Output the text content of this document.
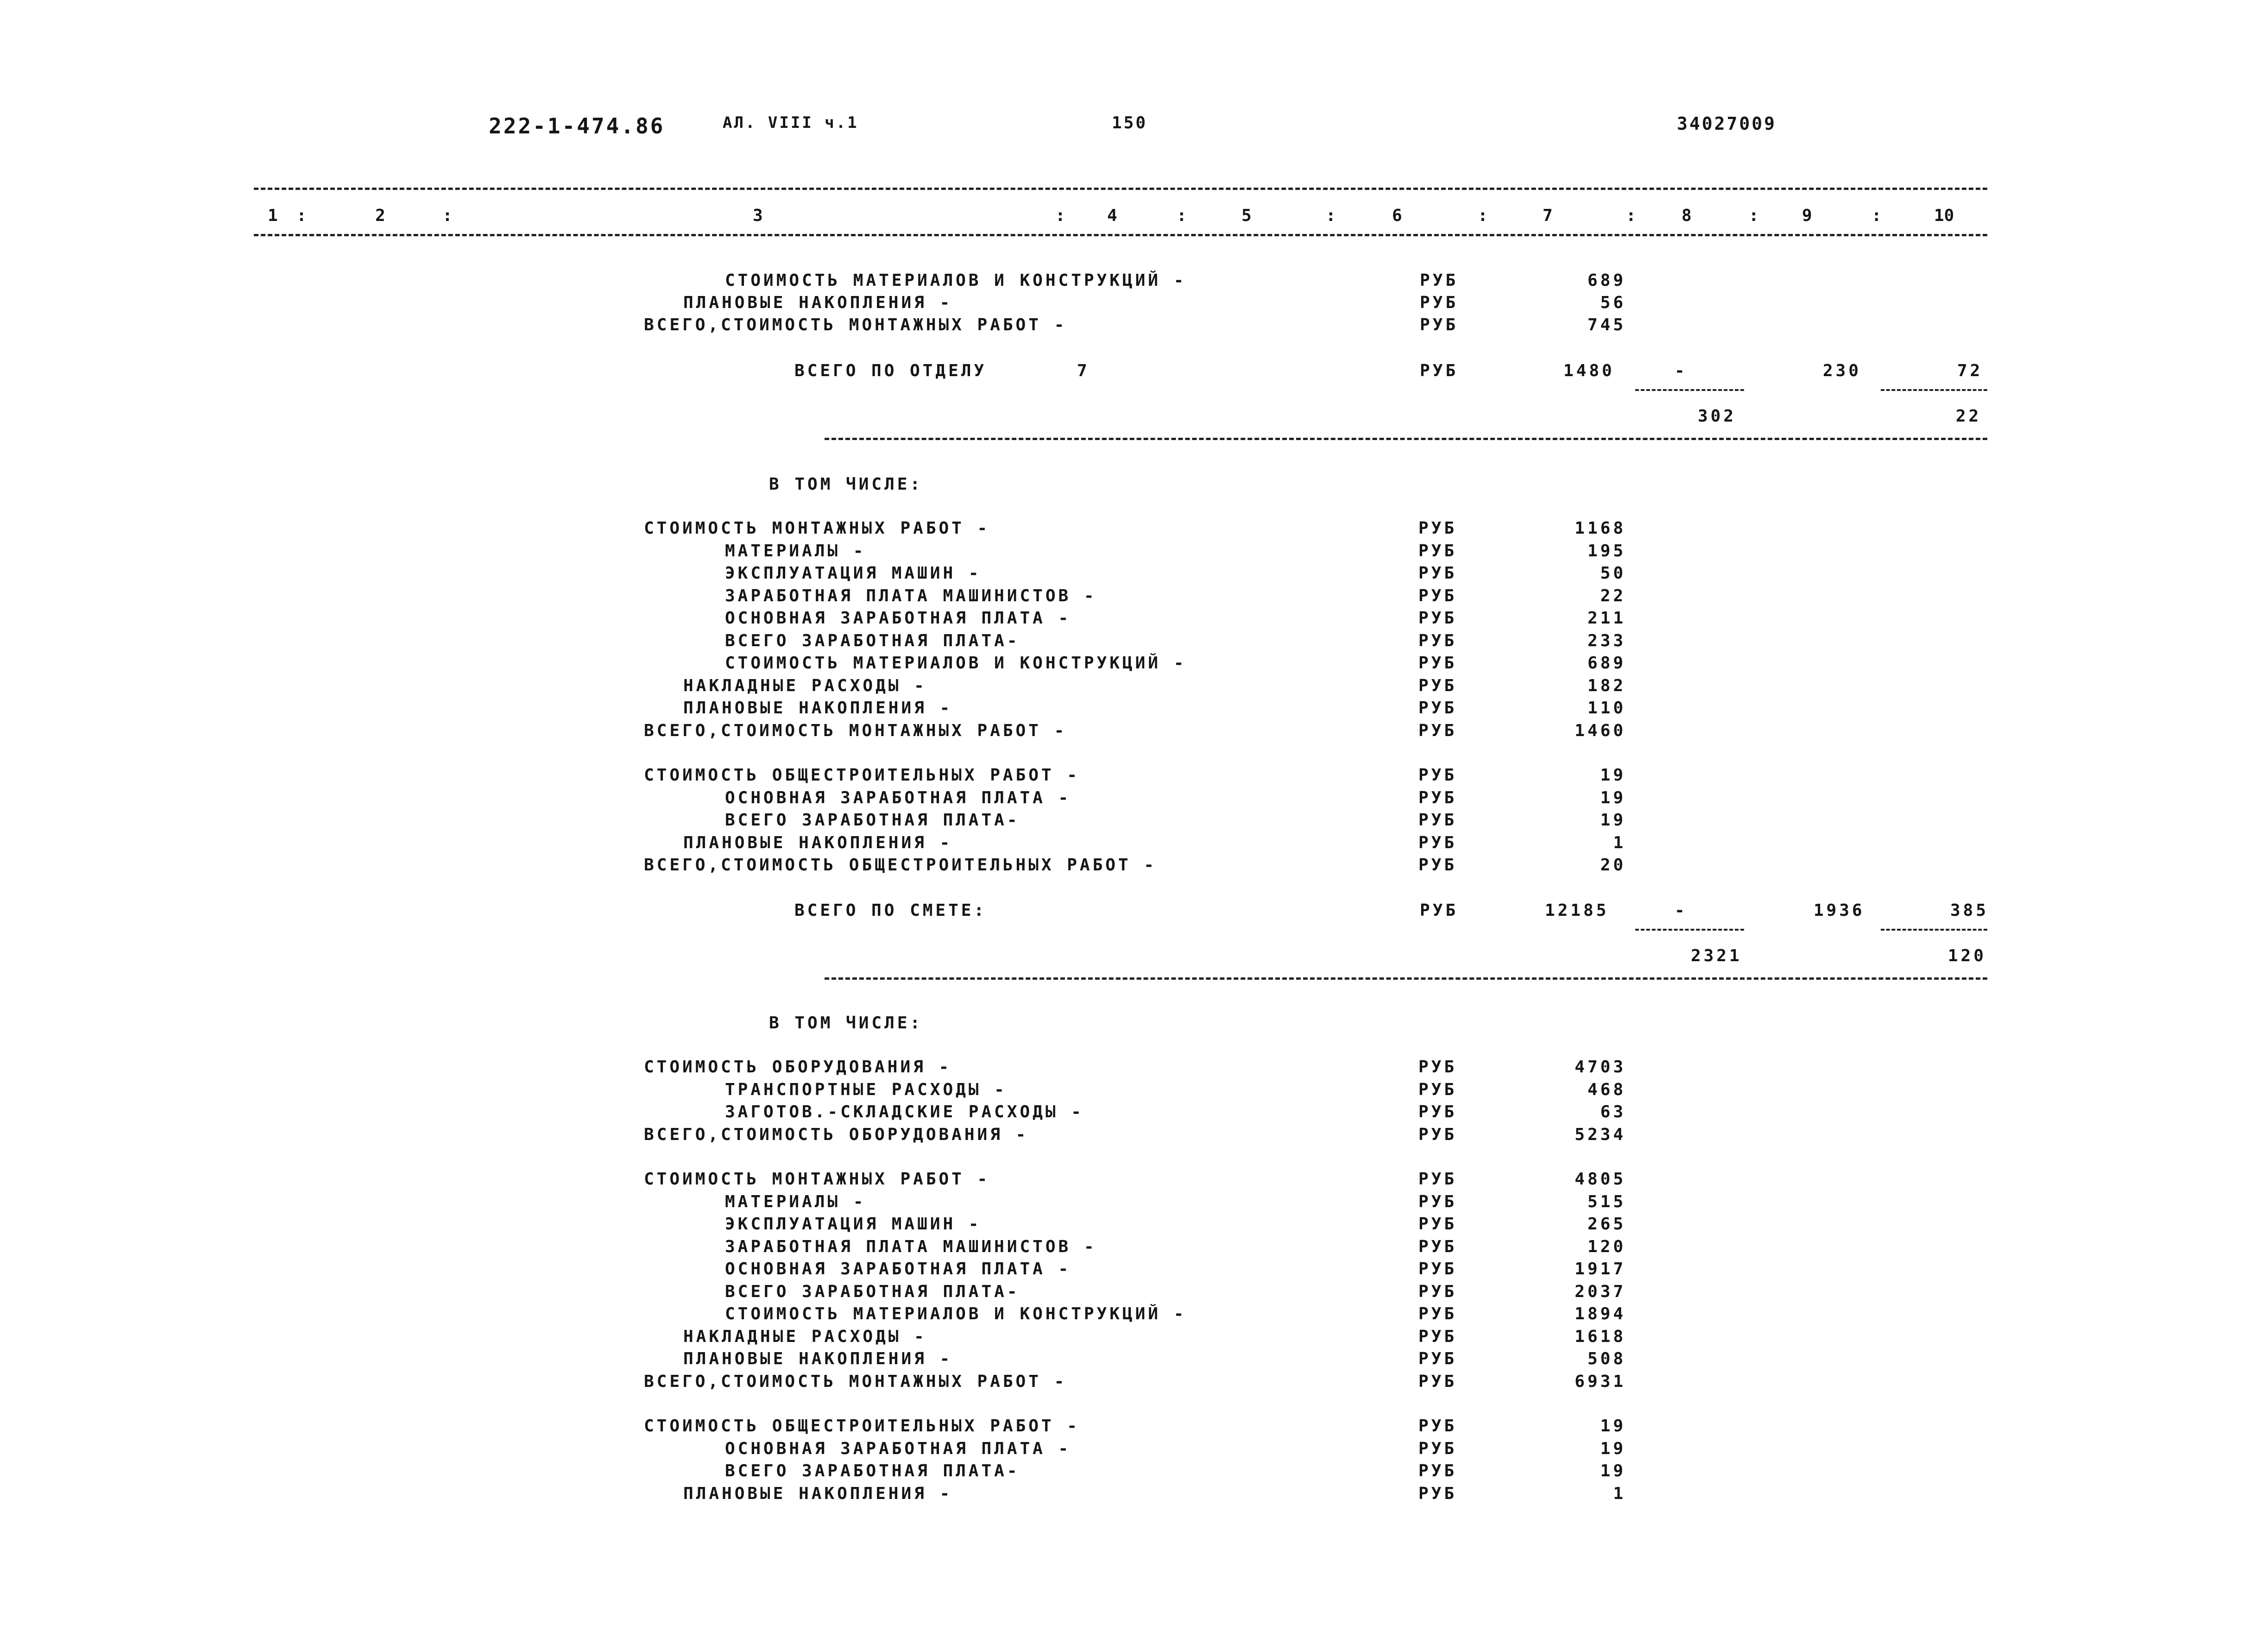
222-1-474.86	АЛ. VIII ч.1	150	34027009
1 :	2	:	3	:	4	:	5	:	6	:	7	:	8	:	9	:	10
СТОИМОСТЬ МАТЕРИАЛОВ И КОНСТРУКЦИЙ -	РУБ	689
ПЛАНОВЫЕ НАКОПЛЕНИЯ -	РУБ	56
ВСЕГО,СТОИМОСТЬ МОНТАЖНЫХ РАБОТ -	РУБ	745
ВСЕГО ПО ОТДЕЛУ	7	РУБ	1480	-	230	72
302	22
В ТОМ ЧИСЛЕ:
СТОИМОСТЬ МОНТАЖНЫХ РАБОТ -	РУБ	1168
МАТЕРИАЛЫ -	РУБ	195
ЭКСПЛУАТАЦИЯ МАШИН -	РУБ	50
ЗАРАБОТНАЯ ПЛАТА МАШИНИСТОВ -	РУБ	22
ОСНОВНАЯ ЗАРАБОТНАЯ ПЛАТА -	РУБ	211
ВСЕГО ЗАРАБОТНАЯ ПЛАТА-	РУБ	233
СТОИМОСТЬ МАТЕРИАЛОВ И КОНСТРУКЦИЙ -	РУБ	689
НАКЛАДНЫЕ РАСХОДЫ -	РУБ	182
ПЛАНОВЫЕ НАКОПЛЕНИЯ -	РУБ	110
ВСЕГО,СТОИМОСТЬ МОНТАЖНЫХ РАБОТ -	РУБ	1460
СТОИМОСТЬ ОБЩЕСТРОИТЕЛЬНЫХ РАБОТ -	РУБ	19
ОСНОВНАЯ ЗАРАБОТНАЯ ПЛАТА -	РУБ	19
ВСЕГО ЗАРАБОТНАЯ ПЛАТА-	РУБ	19
ПЛАНОВЫЕ НАКОПЛЕНИЯ -	РУБ	1
ВСЕГО,СТОИМОСТЬ ОБЩЕСТРОИТЕЛЬНЫХ РАБОТ -	РУБ	20
ВСЕГО ПО СМЕТЕ:	РУБ	12185	-	1936	385
2321	120
В ТОМ ЧИСЛЕ:
СТОИМОСТЬ ОБОРУДОВАНИЯ -	РУБ	4703
ТРАНСПОРТНЫЕ РАСХОДЫ -	РУБ	468
ЗАГОТОВ.-СКЛАДСКИЕ РАСХОДЫ -	РУБ	63
ВСЕГО,СТОИМОСТЬ ОБОРУДОВАНИЯ -	РУБ	5234
СТОИМОСТЬ МОНТАЖНЫХ РАБОТ -	РУБ	4805
МАТЕРИАЛЫ -	РУБ	515
ЭКСПЛУАТАЦИЯ МАШИН -	РУБ	265
ЗАРАБОТНАЯ ПЛАТА МАШИНИСТОВ -	РУБ	120
ОСНОВНАЯ ЗАРАБОТНАЯ ПЛАТА -	РУБ	1917
ВСЕГО ЗАРАБОТНАЯ ПЛАТА-	РУБ	2037
СТОИМОСТЬ МАТЕРИАЛОВ И КОНСТРУКЦИЙ -	РУБ	1894
НАКЛАДНЫЕ РАСХОДЫ -	РУБ	1618
ПЛАНОВЫЕ НАКОПЛЕНИЯ -	РУБ	508
ВСЕГО,СТОИМОСТЬ МОНТАЖНЫХ РАБОТ -	РУБ	6931
СТОИМОСТЬ ОБЩЕСТРОИТЕЛЬНЫХ РАБОТ -	РУБ	19
ОСНОВНАЯ ЗАРАБОТНАЯ ПЛАТА -	РУБ	19
ВСЕГО ЗАРАБОТНАЯ ПЛАТА-	РУБ	19
ПЛАНОВЫЕ НАКОПЛЕНИЯ -	РУБ	1
